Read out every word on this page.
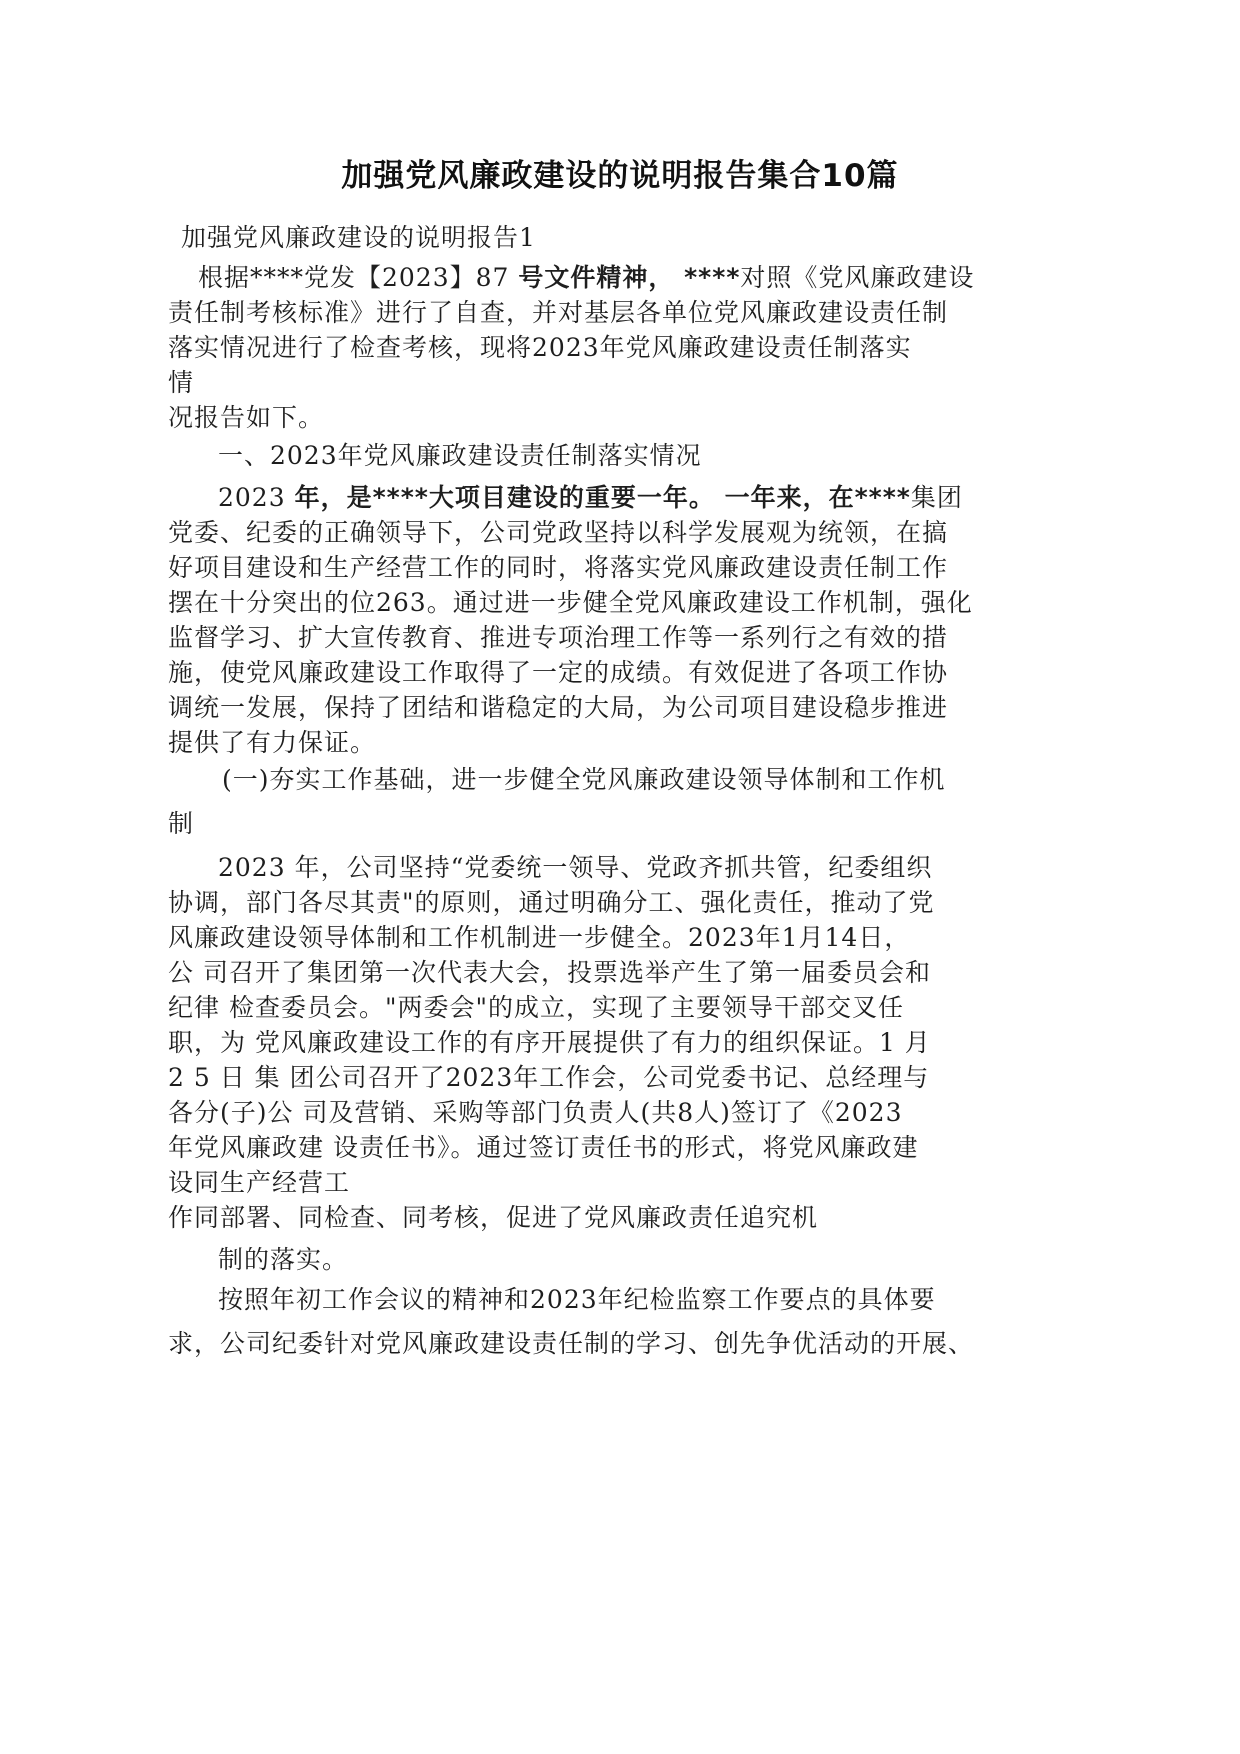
加强党风廉政建设的说明报告集合10篇
加强党风廉政建设的说明报告1
根据****党发【2023】87 号文件精神， ****对照《党风廉政建设
责任制考核标准》进行了自查，并对基层各单位党风廉政建设责任制
落实情况进行了检查考核，现将2023年党风廉政建设责任制落实
情
况报告如下。
一、2023年党风廉政建设责任制落实情况
2023 年，是****大项目建设的重要一年。 一年来，在****集团
党委、纪委的正确领导下，公司党政坚持以科学发展观为统领，在搞
好项目建设和生产经营工作的同时，将落实党风廉政建设责任制工作
摆在十分突出的位263。通过进一步健全党风廉政建设工作机制，强化
监督学习、扩大宣传教育、推进专项治理工作等一系列行之有效的措
施，使党风廉政建设工作取得了一定的成绩。有效促进了各项工作协
调统一发展，保持了团结和谐稳定的大局，为公司项目建设稳步推进
提供了有力保证。
(一)夯实工作基础，进一步健全党风廉政建设领导体制和工作机
制
2023 年，公司坚持“党委统一领导、党政齐抓共管，纪委组织
协调，部门各尽其责"的原则，通过明确分工、强化责任，推动了党
风廉政建设领导体制和工作机制进一步健全。2023年1月14日，
公 司召开了集团第一次代表大会，投票选举产生了第一届委员会和
纪律 检查委员会。"两委会"的成立，实现了主要领导干部交叉任
职，为 党风廉政建设工作的有序开展提供了有力的组织保证。1 月
2 5 日 集 团公司召开了2023年工作会，公司党委书记、总经理与
各分(子)公 司及营销、采购等部门负责人(共8人)签订了《2023
年党风廉政建 设责任书》。通过签订责任书的形式，将党风廉政建
设同生产经营工
作同部署、同检查、同考核，促进了党风廉政责任追究机
制的落实。
按照年初工作会议的精神和2023年纪检监察工作要点的具体要
求，公司纪委针对党风廉政建设责任制的学习、创先争优活动的开展、
